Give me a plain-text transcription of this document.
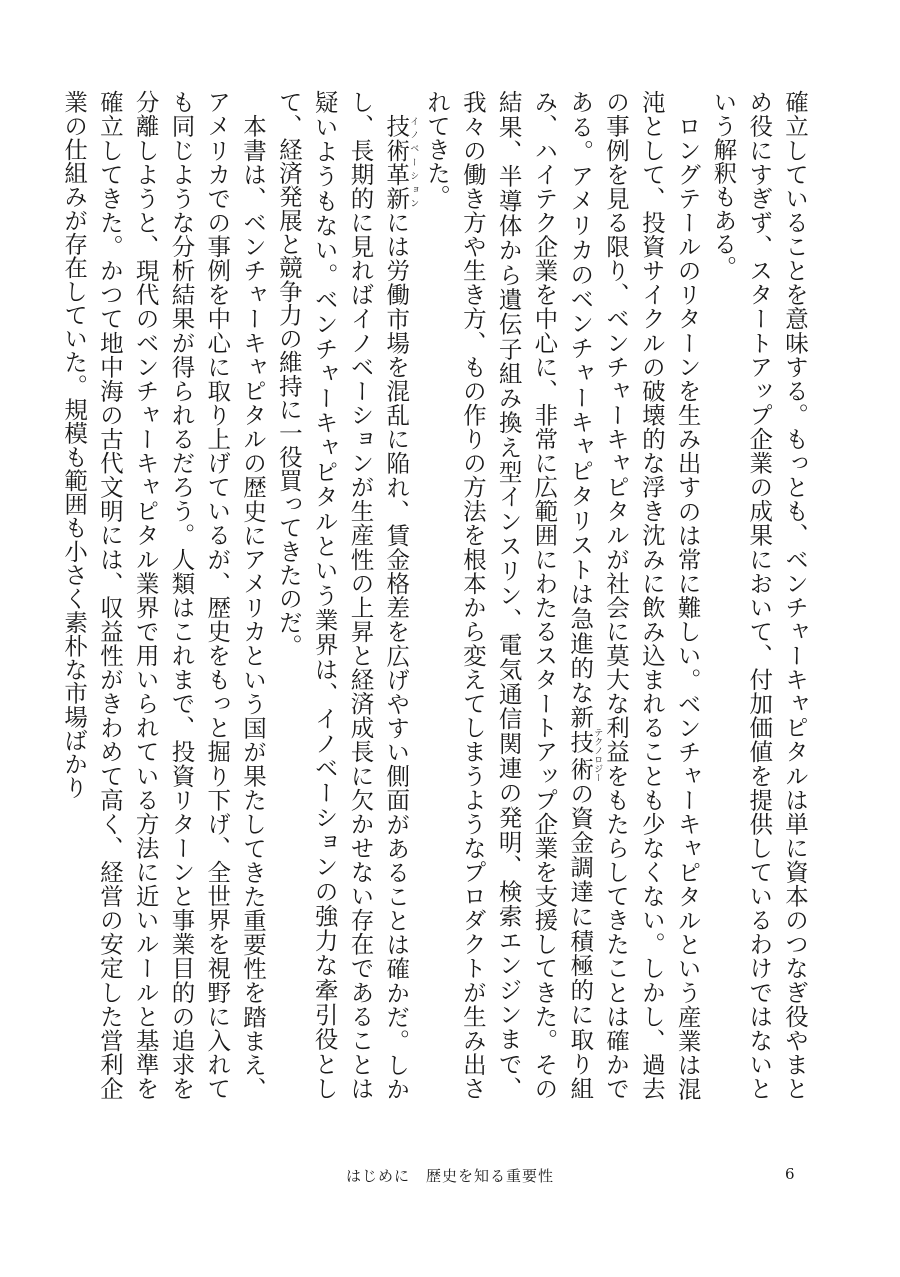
確立していることを意味する。もっとも、ベンチャーキャピタルは単に資本のつなぎ役やまとめ役にすぎず、スタートアップ企業の成果において、付加価値を提供しているわけではないという解釈もある。

ロングテールのリターンを生み出すのは常に難しい。ベンチャーキャピタルという産業は混沌として、投資サイクルの破壊的な浮き沈みに飲み込まれることも少なくない。しかし、過去の事例を見る限り、ベンチャーキャピタルが社会に莫大な利益をもたらしてきたことは確かである。アメリカのベンチャーキャピタリストは急進的な新技術テクノロジーの資金調達に積極的に取り組み、ハイテク企業を中心に、非常に広範囲にわたるスタートアップ企業を支援してきた。その結果、半導体から遺伝子組み換え型インスリン、電気通信関連の発明、検索エンジンまで、我々の働き方や生き方、もの作りの方法を根本から変えてしまうようなプロダクトが生み出されてきた。

技術革新イノベーションには労働市場を混乱に陥れ、賃金格差を広げやすい側面があることは確かだ。しかし、長期的に見ればイノベーションが生産性の上昇と経済成長に欠かせない存在であることは疑いようもない。ベンチャーキャピタルという業界は、イノベーションの強力な牽引役として、経済発展と競争力の維持に一役買ってきたのだ。

本書は、ベンチャーキャピタルの歴史にアメリカという国が果たしてきた重要性を踏まえ、アメリカでの事例を中心に取り上げているが、歴史をもっと掘り下げ、全世界を視野に入れても同じような分析結果が得られるだろう。人類はこれまで、投資リターンと事業目的の追求を分離しようと、現代のベンチャーキャピタル業界で用いられている方法に近いルールと基準を確立してきた。かつて地中海の古代文明には、収益性がきわめて高く、経営の安定した営利企業の仕組みが存在していた。規模も範囲も小さく素朴な市場ばかり

はじめに　歴史を知る重要性	6
